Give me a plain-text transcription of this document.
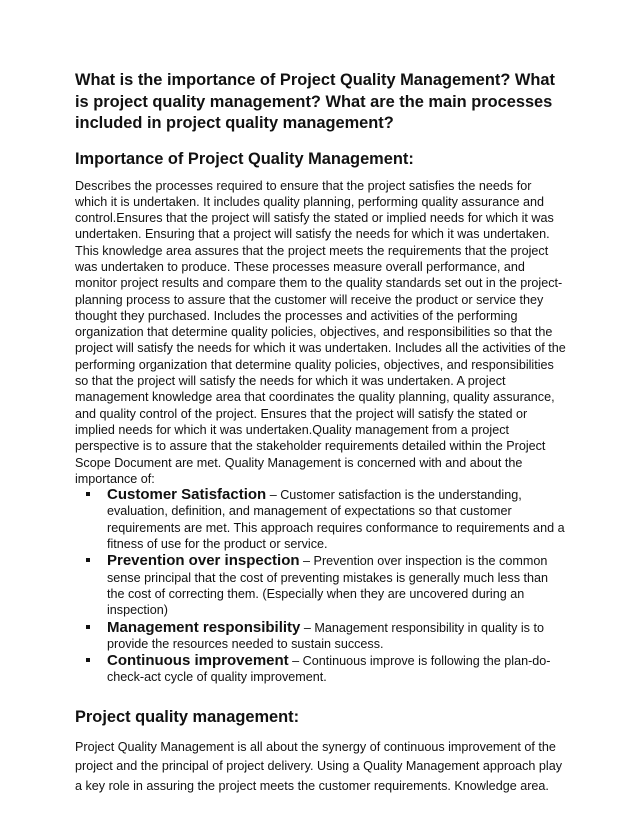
What is the importance of Project Quality Management? What is project quality management? What are the main processes included in project quality management?
Importance of Project Quality Management:

Describes the processes required to ensure that the project satisfies the needs for which it is undertaken. It includes quality planning, performing quality assurance and control.Ensures that the project will satisfy the stated or implied needs for which it was undertaken. Ensuring that a project will satisfy the needs for which it was undertaken. This knowledge area assures that the project meets the requirements that the project was undertaken to produce. These processes measure overall performance, and monitor project results and compare them to the quality standards set out in the project-planning process to assure that the customer will receive the product or service they thought they purchased. Includes the processes and activities of the performing organization that determine quality policies, objectives, and responsibilities so that the project will satisfy the needs for which it was undertaken. Includes all the activities of the performing organization that determine quality policies, objectives, and responsibilities so that the project will satisfy the needs for which it was undertaken. A project management knowledge area that coordinates the quality planning, quality assurance, and quality control of the project. Ensures that the project will satisfy the stated or implied needs for which it was undertaken.Quality management from a project perspective is to assure that the stakeholder requirements detailed within the Project Scope Document are met. Quality Management is concerned with and about the importance of:

Customer Satisfaction – Customer satisfaction is the understanding, evaluation, definition, and management of expectations so that customer requirements are met. This approach requires conformance to requirements and a fitness of use for the product or service.
Prevention over inspection – Prevention over inspection is the common sense principal that the cost of preventing mistakes is generally much less than the cost of correcting them. (Especially when they are uncovered during an inspection)
Management responsibility – Management responsibility in quality is to provide the resources needed to sustain success.
Continuous improvement – Continuous improve is following the plan-do-check-act cycle of quality improvement.
Project quality management:

Project Quality Management is all about the synergy of continuous improvement of the project and the principal of project delivery. Using a Quality Management approach play a key role in assuring the project meets the customer requirements. Knowledge area.
